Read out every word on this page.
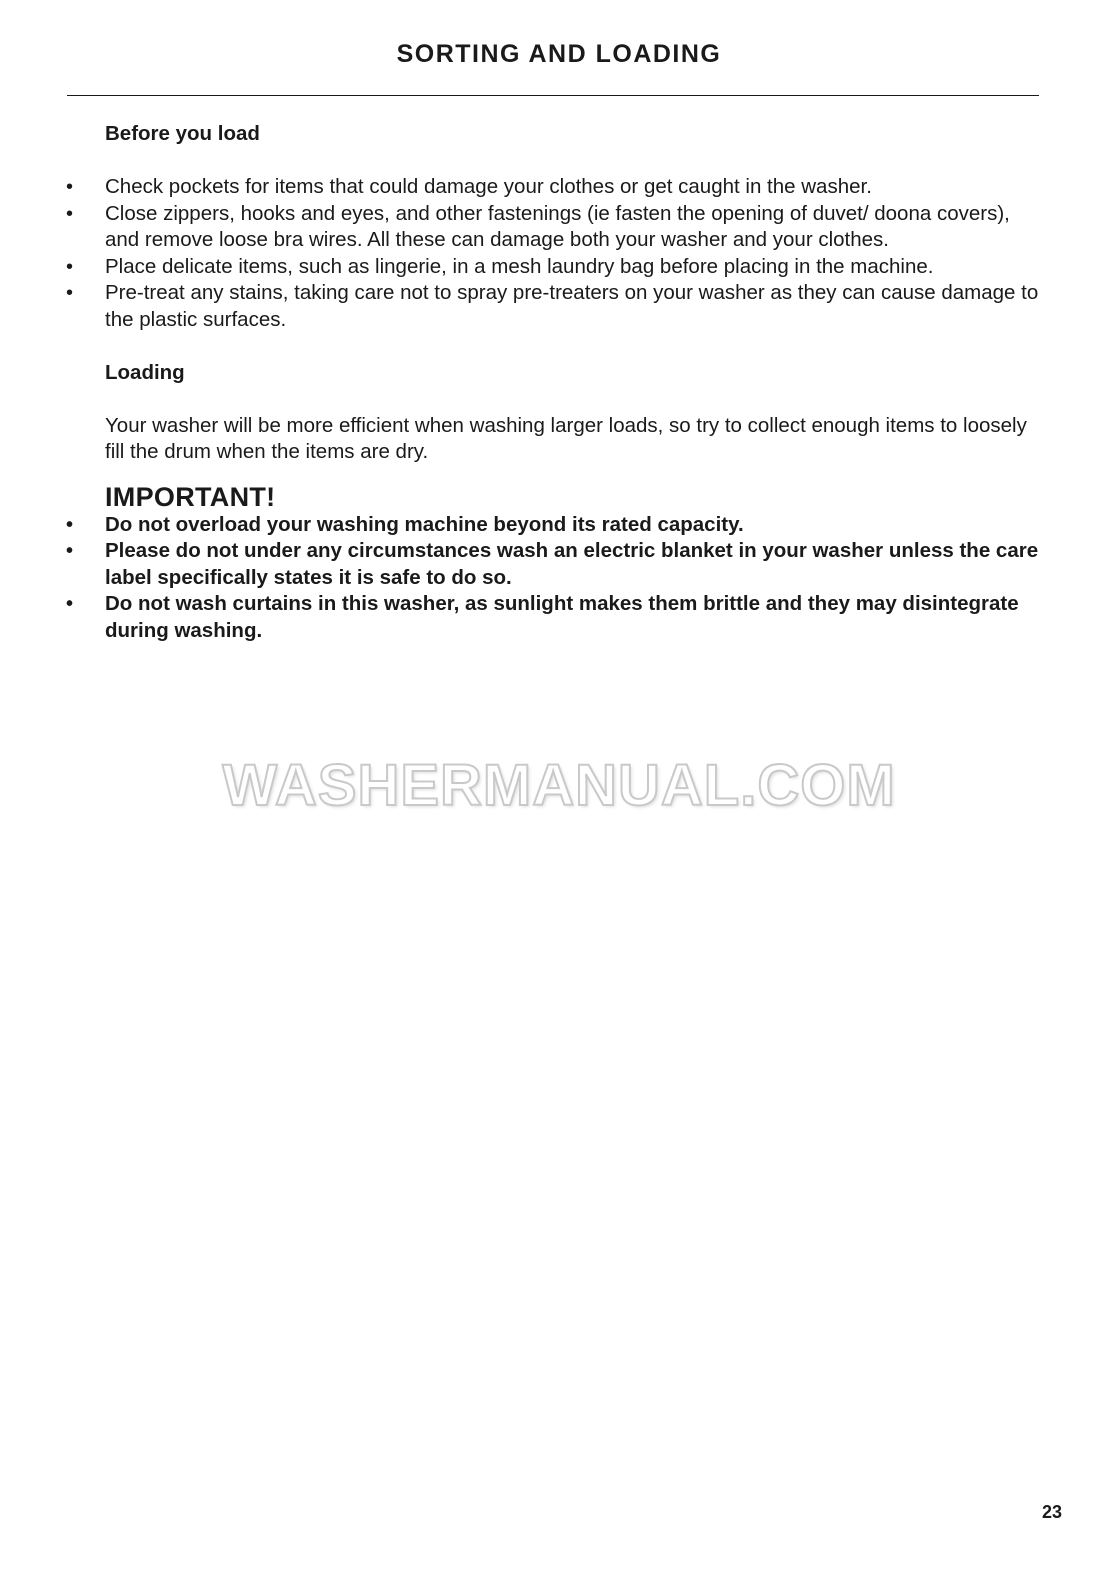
SORTING AND LOADING

Before you load

• Check pockets for items that could damage your clothes or get caught in the washer.
• Close zippers, hooks and eyes, and other fastenings (ie fasten the opening of duvet/ doona covers), and remove loose bra wires. All these can damage both your washer and your clothes.
• Place delicate items, such as lingerie, in a mesh laundry bag before placing in the machine.
• Pre-treat any stains, taking care not to spray pre-treaters on your washer as they can cause damage to the plastic surfaces.

Loading

Your washer will be more efficient when washing larger loads, so try to collect enough items to loosely fill the drum when the items are dry.

IMPORTANT!

• Do not overload your washing machine beyond its rated capacity.
• Please do not under any circumstances wash an electric blanket in your washer unless the care label specifically states it is safe to do so.
• Do not wash curtains in this washer, as sunlight makes them brittle and they may disintegrate during washing.
WASHERMANUAL.COM
23
